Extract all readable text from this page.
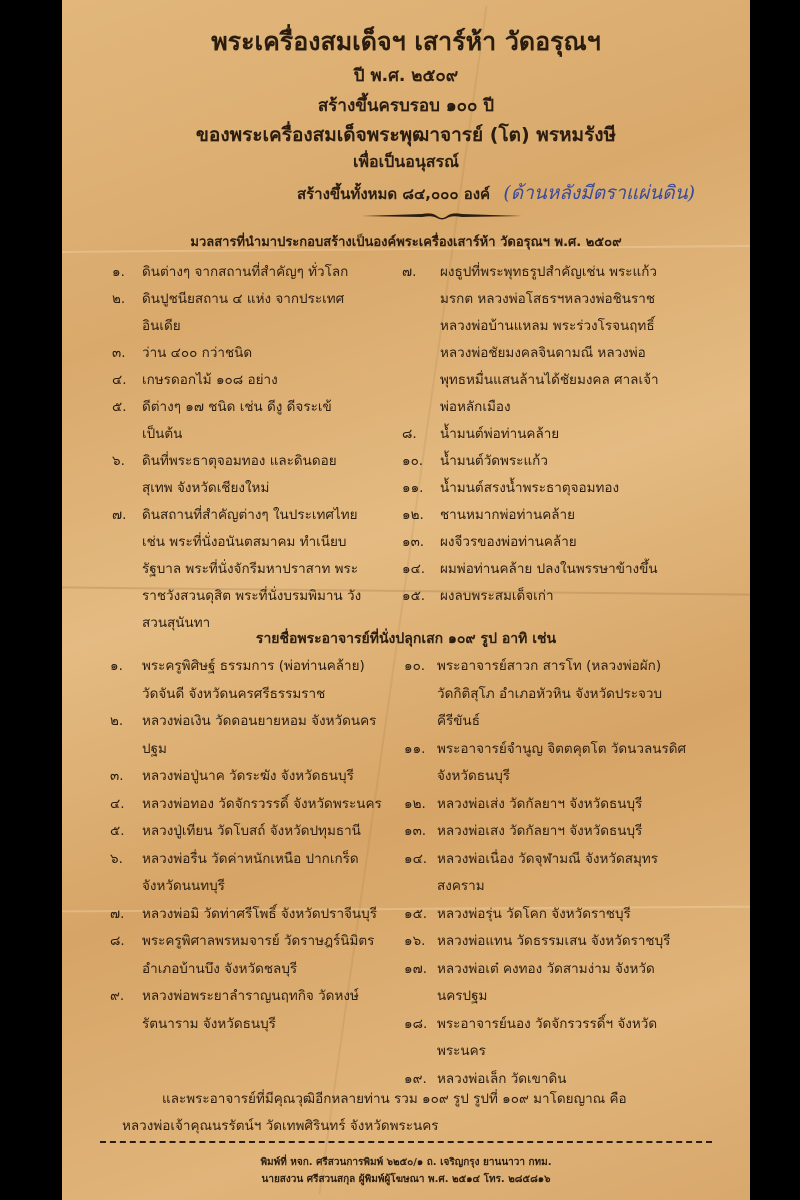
พระเครื่องสมเด็จฯ เสาร์ห้า วัดอรุณฯ
ปี พ.ศ. ๒๕๐๙
สร้างขึ้นครบรอบ ๑๐๐ ปี
ของพระเครื่องสมเด็จพระพุฒาจารย์ (โต) พรหมรังษี
เพื่อเป็นอนุสรณ์
สร้างขึ้นทั้งหมด ๘๔,๐๐๐ องค์ (ด้านหลังมีตราแผ่นดิน)
มวลสารที่นำมาประกอบสร้างเป็นองค์พระเครื่องเสาร์ห้า วัดอรุณฯ พ.ศ. ๒๕๐๙
๑.	ดินต่างๆ จากสถานที่สำคัญๆ ทั่วโลก	๗.	ผงธูปที่พระพุทธรูปสำคัญเช่น พระแก้ว
๒.	ดินปูชนียสถาน ๔ แห่ง จากประเทศ	มรกต หลวงพ่อโสธรฯหลวงพ่อชินราช
อินเดีย	หลวงพ่อบ้านแหลม พระร่วงโรจนฤทธิ์
๓.	ว่าน ๔๐๐ กว่าชนิด	หลวงพ่อชัยมงคลจินดามณี หลวงพ่อ
๔.	เกษรดอกไม้ ๑๐๘ อย่าง	พุทธหมื่นแสนล้านได้ชัยมงคล ศาลเจ้า
๕.	ดีต่างๆ ๑๗ ชนิด เช่น ดีงู ดีจระเข้	พ่อหลักเมือง
เป็นต้น	๘.	น้ำมนต์พ่อท่านคล้าย
๖.	ดินที่พระธาตุจอมทอง และดินดอย	๑๐.	น้ำมนต์วัดพระแก้ว
สุเทพ จังหวัดเชียงใหม่	๑๑.	น้ำมนต์สรงน้ำพระธาตุจอมทอง
๗.	ดินสถานที่สำคัญต่างๆ ในประเทศไทย	๑๒.	ชานหมากพ่อท่านคล้าย
เช่น พระที่นั่งอนันตสมาคม ทำเนียบ	๑๓.	ผงจีวรของพ่อท่านคล้าย
รัฐบาล พระที่นั่งจักรีมหาปราสาท พระ	๑๔.	ผมพ่อท่านคล้าย ปลงในพรรษาข้างขึ้น
ราชวังสวนดุสิต พระที่นั่งบรมพิมาน วัง	๑๕.	ผงลบพระสมเด็จเก่า
สวนสุนันทา
รายชื่อพระอาจารย์ที่นั่งปลุกเสก ๑๐๙ รูป อาทิ เช่น
๑.	พระครูพิศิษฐ์ ธรรมการ (พ่อท่านคล้าย)	๑๐. พระอาจารย์สาวก สารโท (หลวงพ่อผัก)
วัดจันดี จังหวัดนครศรีธรรมราช	วัดกิติสุโภ อำเภอหัวหิน จังหวัดประจวบ
๒.	หลวงพ่อเงิน วัดดอนยายหอม จังหวัดนคร	คีรีขันธ์
ปฐม	๑๑. พระอาจารย์จำนูญ จิตตคุตโต วัดนวลนรดิศ
๓.	หลวงพ่อปู่นาค วัดระฆัง จังหวัดธนบุรี	จังหวัดธนบุรี
๔.	หลวงพ่อทอง วัดจักรวรรดิ์ จังหวัดพระนคร ๑๒. หลวงพ่อเส่ง วัดกัลยาฯ จังหวัดธนบุรี
๕.	หลวงปู่เทียน วัดโบสถ์ จังหวัดปทุมธานี	๑๓. หลวงพ่อเสง วัดกัลยาฯ จังหวัดธนบุรี
๖.	หลวงพ่อรื่น วัดค่าหนักเหนือ ปากเกร็ด	๑๔. หลวงพ่อเนื่อง วัดจุฬามณี จังหวัดสมุทร
จังหวัดนนทบุรี	สงคราม
๗.	หลวงพ่อมิ วัดท่าศรีโพธิ์ จังหวัดปราจีนบุรี ๑๕. หลวงพ่อรุ่น วัดโคก จังหวัดราชบุรี
๘.	พระครูพิศาลพรหมจารย์ วัดราษฎร์นิมิตร ๑๖. หลวงพ่อแทน วัดธรรมเสน จังหวัดราชบุรี
อำเภอบ้านบึง จังหวัดชลบุรี	๑๗. หลวงพ่อเต๋ คงทอง วัดสามง่าม จังหวัด
๙.	หลวงพ่อพระยาลำราญนฤทกิจ วัดหงษ์	นครปฐม
รัตนาราม จังหวัดธนบุรี	๑๘. พระอาจารย์นอง วัดจักรวรรดิ์ฯ จังหวัด
พระนคร
๑๙. หลวงพ่อเล็ก วัดเขาดิน
และพระอาจารย์ที่มีคุณวุฒิอีกหลายท่าน รวม ๑๐๙ รูป รูปที่ ๑๐๙ มาโดยญาณ คือ
หลวงพ่อเจ้าคุณนรรัตน์ฯ วัดเทพศิรินทร์ จังหวัดพระนคร
พิมพ์ที่ หจก. ศรีสวนการพิมพ์ ๖๒๕๐/๑ ถ. เจริญกรุง ยานนาวา กทม.
นายสงวน ศรีสวนสกุล ผู้พิมพ์ผู้โฆษณา พ.ศ. ๒๕๑๔ โทร. ๒๘๕๘๑๖
